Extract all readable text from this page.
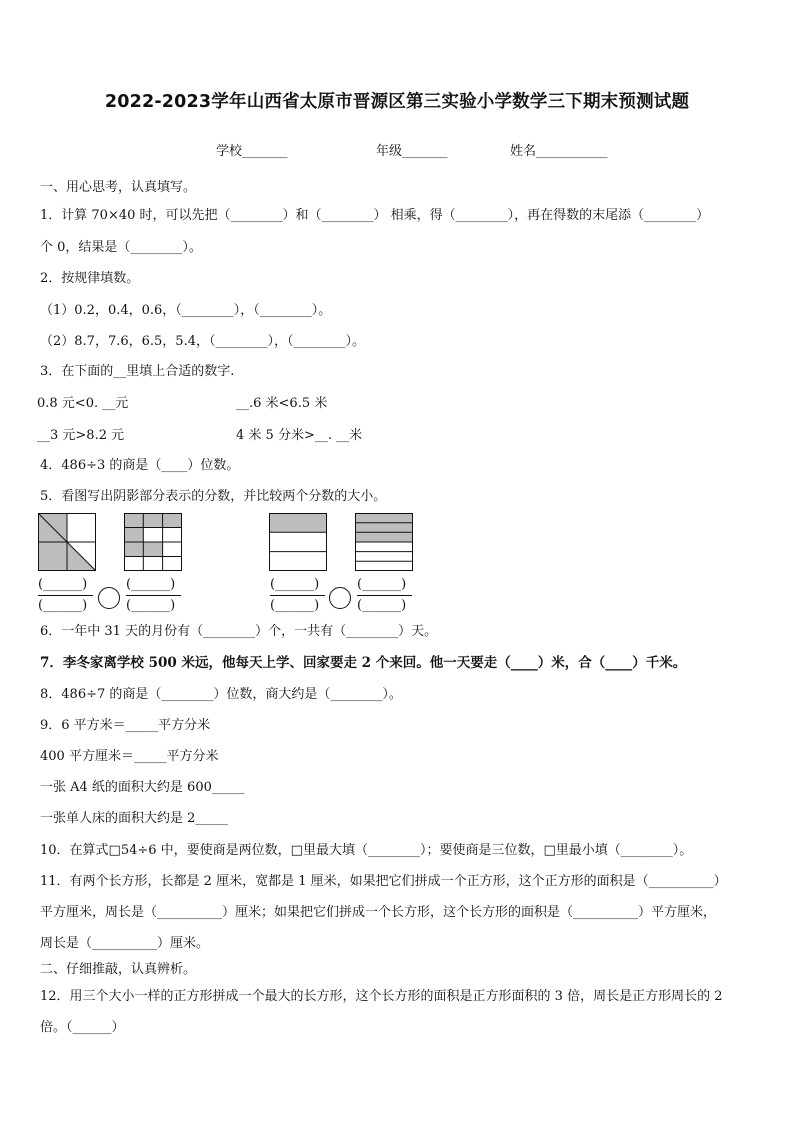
2022-2023学年山西省太原市晋源区第三实验小学数学三下期末预测试题
学校_______	年级_______	姓名___________
一、用心思考，认真填写。
1．计算 70×40 时，可以先把（________）和（________） 相乘，得（________），再在得数的末尾添（________）
个 0，结果是（________）。
2．按规律填数。
（1）0.2，0.4，0.6，（________），（________）。
（2）8.7，7.6，6.5，5.4，（________），（________）。
3．在下面的__里填上合适的数字.
0.8 元<0. __元	__.6 米<6.5 米
__3 元>8.2 元	4 米 5 分米>__. __米
4．486÷3 的商是（____）位数。
5．看图写出阴影部分表示的分数，并比较两个分数的大小。
(______)
(______)
(______)
(______)
(______)
(______)
(______)
(______)
6．一年中 31 天的月份有（________）个，一共有（________）天。
7．李冬家离学校 500 米远，他每天上学、回家要走 2 个来回。他一天要走（____）米，合（____）千米。
8．486÷7 的商是（________）位数，商大约是（________）。
9．6 平方米＝_____平方分米
400 平方厘米＝_____平方分米
一张 A4 纸的面积大约是 600_____
一张单人床的面积大约是 2_____
10．在算式□54÷6 中，要使商是两位数，□里最大填（________）；要使商是三位数，□里最小填（________）。
11．有两个长方形，长都是 2 厘米，宽都是 1 厘米，如果把它们拼成一个正方形，这个正方形的面积是（__________）
平方厘米，周长是（__________）厘米；如果把它们拼成一个长方形，这个长方形的面积是（__________）平方厘米，
周长是（__________）厘米。
二、仔细推敲，认真辨析。
12．用三个大小一样的正方形拼成一个最大的长方形，这个长方形的面积是正方形面积的 3 倍，周长是正方形周长的 2
倍。（______）
